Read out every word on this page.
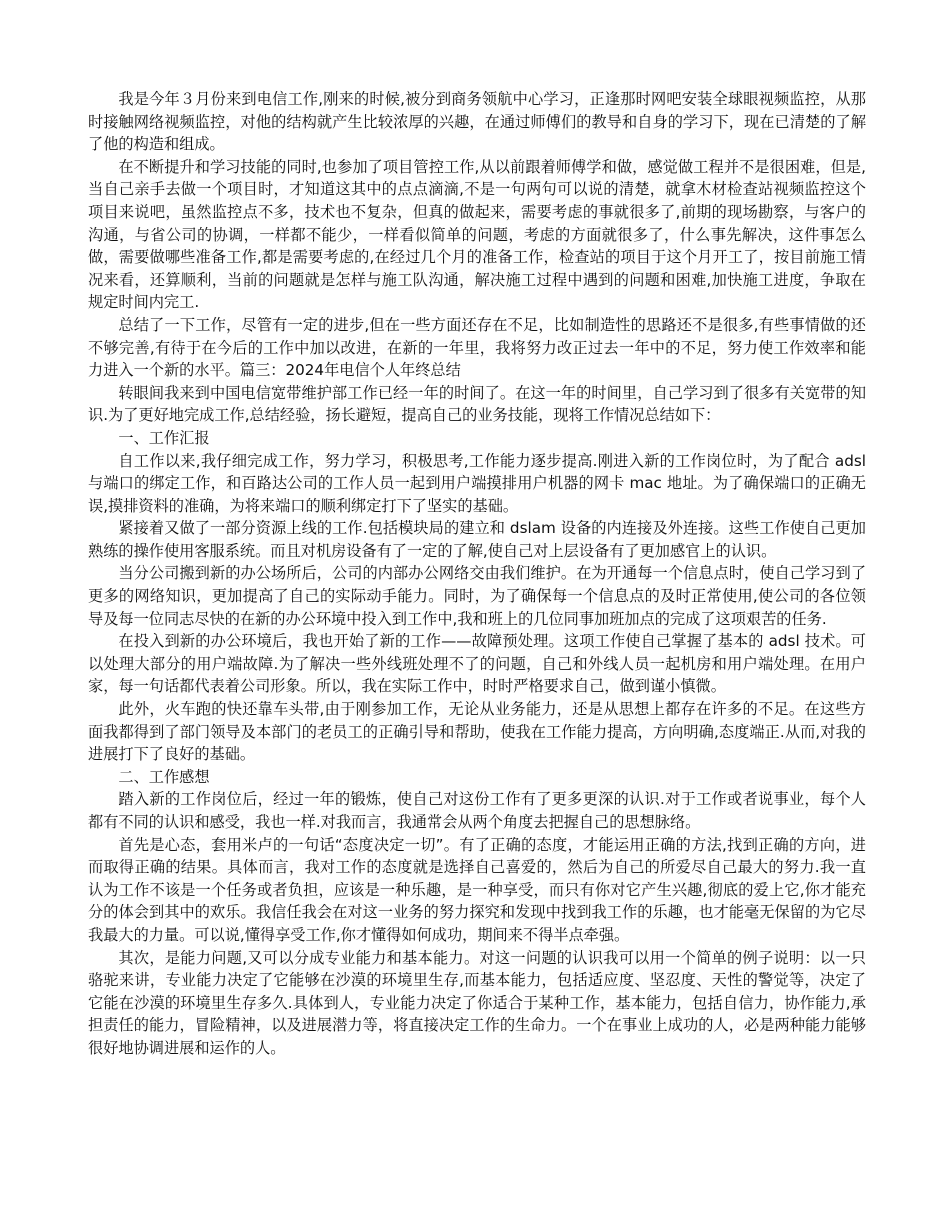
我是今年３月份来到电信工作,刚来的时候,被分到商务领航中心学习，正逢那时网吧安装全球眼视频监控，从那时接触网络视频监控，对他的结构就产生比较浓厚的兴趣，在通过师傅们的教导和自身的学习下，现在已清楚的了解了他的构造和组成。

在不断提升和学习技能的同时,也参加了项目管控工作,从以前跟着师傅学和做，感觉做工程并不是很困难，但是,当自己亲手去做一个项目时，才知道这其中的点点滴滴,不是一句两句可以说的清楚，就拿木材检查站视频监控这个项目来说吧，虽然监控点不多，技术也不复杂，但真的做起来，需要考虑的事就很多了,前期的现场勘察，与客户的沟通，与省公司的协调，一样都不能少，一样看似简单的问题，考虑的方面就很多了，什么事先解决，这件事怎么做，需要做哪些准备工作,都是需要考虑的,在经过几个月的准备工作，检查站的项目于这个月开工了，按目前施工情况来看，还算顺利，当前的问题就是怎样与施工队沟通，解决施工过程中遇到的问题和困难,加快施工进度，争取在规定时间内完工.

总结了一下工作，尽管有一定的进步,但在一些方面还存在不足，比如制造性的思路还不是很多,有些事情做的还不够完善,有待于在今后的工作中加以改进，在新的一年里，我将努力改正过去一年中的不足，努力使工作效率和能力进入一个新的水平。篇三：2024年电信个人年终总结

转眼间我来到中国电信宽带维护部工作已经一年的时间了。在这一年的时间里，自己学习到了很多有关宽带的知识.为了更好地完成工作,总结经验，扬长避短，提高自己的业务技能，现将工作情况总结如下：

一、工作汇报

自工作以来,我仔细完成工作，努力学习，积极思考,工作能力逐步提高.刚进入新的工作岗位时，为了配合 adsl 与端口的绑定工作，和百路达公司的工作人员一起到用户端摸排用户机器的网卡 mac 地址。为了确保端口的正确无误,摸排资料的准确，为将来端口的顺利绑定打下了坚实的基础。

紧接着又做了一部分资源上线的工作.包括模块局的建立和 dslam 设备的内连接及外连接。这些工作使自己更加熟练的操作使用客服系统。而且对机房设备有了一定的了解,使自己对上层设备有了更加感官上的认识。

当分公司搬到新的办公场所后，公司的内部办公网络交由我们维护。在为开通每一个信息点时，使自己学习到了更多的网络知识，更加提高了自己的实际动手能力。同时，为了确保每一个信息点的及时正常使用,使公司的各位领导及每一位同志尽快的在新的办公环境中投入到工作中,我和班上的几位同事加班加点的完成了这项艰苦的任务.

在投入到新的办公环境后，我也开始了新的工作——故障预处理。这项工作使自己掌握了基本的 adsl 技术。可以处理大部分的用户端故障.为了解决一些外线班处理不了的问题，自己和外线人员一起机房和用户端处理。在用户家，每一句话都代表着公司形象。所以，我在实际工作中，时时严格要求自己，做到谨小慎微。

此外，火车跑的快还靠车头带,由于刚参加工作，无论从业务能力，还是从思想上都存在许多的不足。在这些方面我都得到了部门领导及本部门的老员工的正确引导和帮助，使我在工作能力提高，方向明确,态度端正.从而,对我的进展打下了良好的基础。

二、工作感想

踏入新的工作岗位后，经过一年的锻炼，使自己对这份工作有了更多更深的认识.对于工作或者说事业，每个人都有不同的认识和感受，我也一样.对我而言，我通常会从两个角度去把握自己的思想脉络。

首先是心态，套用米卢的一句话“态度决定一切”。有了正确的态度，才能运用正确的方法,找到正确的方向，进而取得正确的结果。具体而言，我对工作的态度就是选择自己喜爱的，然后为自己的所爱尽自己最大的努力.我一直认为工作不该是一个任务或者负担，应该是一种乐趣，是一种享受，而只有你对它产生兴趣,彻底的爱上它,你才能充分的体会到其中的欢乐。我信任我会在对这一业务的努力探究和发现中找到我工作的乐趣，也才能毫无保留的为它尽我最大的力量。可以说,懂得享受工作,你才懂得如何成功，期间来不得半点牵强。

其次，是能力问题,又可以分成专业能力和基本能力。对这一问题的认识我可以用一个简单的例子说明：以一只骆驼来讲，专业能力决定了它能够在沙漠的环境里生存,而基本能力，包括适应度、坚忍度、天性的警觉等，决定了它能在沙漠的环境里生存多久.具体到人，专业能力决定了你适合于某种工作，基本能力，包括自信力，协作能力,承担责任的能力，冒险精神，以及进展潜力等，将直接决定工作的生命力。一个在事业上成功的人，必是两种能力能够很好地协调进展和运作的人。
